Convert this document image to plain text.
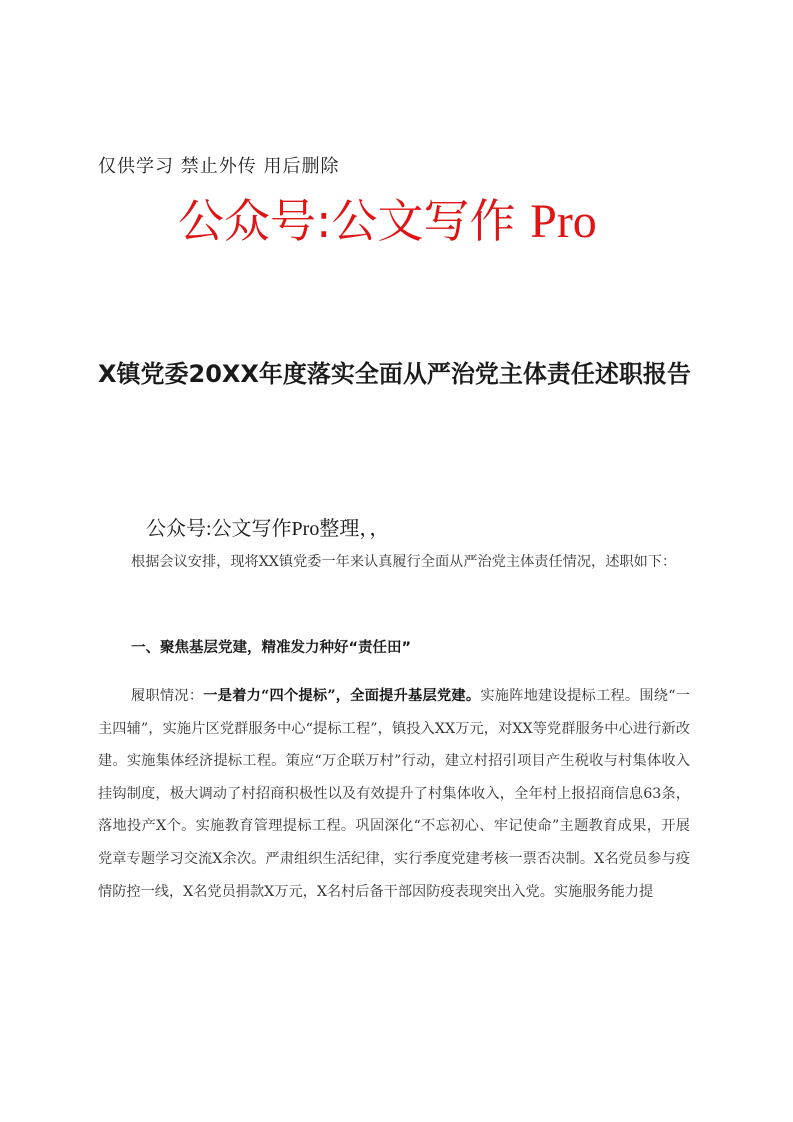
仅供学习 禁止外传 用后删除
公众号:公文写作 Pro
X镇党委20XX年度落实全面从严治党主体责任述职报告
公众号:公文写作Pro整理，，

根据会议安排，现将XX镇党委一年来认真履行全面从严治党主体责任情况，述职如下：

一、聚焦基层党建，精准发力种好“责任田”

履职情况：一是着力“四个提标”，全面提升基层党建。实施阵地建设提标工程。围绕“一主四辅”，实施片区党群服务中心“提标工程”，镇投入XX万元，对XX等党群服务中心进行新改建。实施集体经济提标工程。策应“万企联万村”行动，建立村招引项目产生税收与村集体收入挂钩制度，极大调动了村招商积极性以及有效提升了村集体收入，全年村上报招商信息63条，落地投产X个。实施教育管理提标工程。巩固深化“不忘初心、牢记使命”主题教育成果，开展党章专题学习交流X余次。严肃组织生活纪律，实行季度党建考核一票否决制。X名党员参与疫情防控一线，X名党员捐款X万元，X名村后备干部因防疫表现突出入党。实施服务能力提
